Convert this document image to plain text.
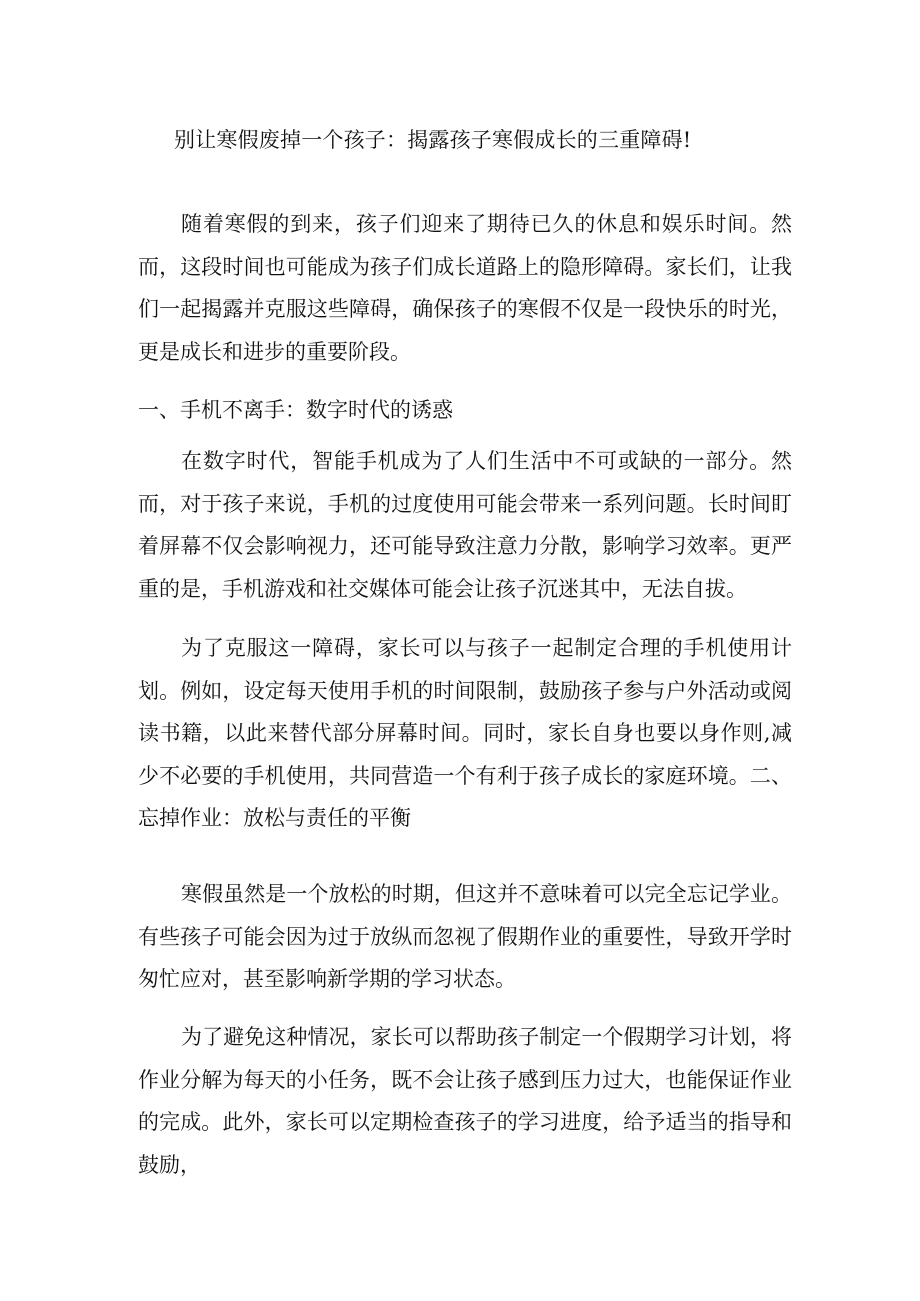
别让寒假废掉一个孩子：揭露孩子寒假成长的三重障碍!
随着寒假的到来，孩子们迎来了期待已久的休息和娱乐时间。然而，这段时间也可能成为孩子们成长道路上的隐形障碍。家长们，让我们一起揭露并克服这些障碍，确保孩子的寒假不仅是一段快乐的时光，更是成长和进步的重要阶段。
一、手机不离手：数字时代的诱惑
在数字时代，智能手机成为了人们生活中不可或缺的一部分。然而，对于孩子来说，手机的过度使用可能会带来一系列问题。长时间盯着屏幕不仅会影响视力，还可能导致注意力分散，影响学习效率。更严重的是，手机游戏和社交媒体可能会让孩子沉迷其中，无法自拔。
为了克服这一障碍，家长可以与孩子一起制定合理的手机使用计划。例如，设定每天使用手机的时间限制，鼓励孩子参与户外活动或阅读书籍，以此来替代部分屏幕时间。同时，家长自身也要以身作则,减少不必要的手机使用，共同营造一个有利于孩子成长的家庭环境。二、忘掉作业：放松与责任的平衡
寒假虽然是一个放松的时期，但这并不意味着可以完全忘记学业。有些孩子可能会因为过于放纵而忽视了假期作业的重要性，导致开学时匆忙应对，甚至影响新学期的学习状态。
为了避免这种情况，家长可以帮助孩子制定一个假期学习计划，将作业分解为每天的小任务，既不会让孩子感到压力过大，也能保证作业的完成。此外，家长可以定期检查孩子的学习进度，给予适当的指导和鼓励，
